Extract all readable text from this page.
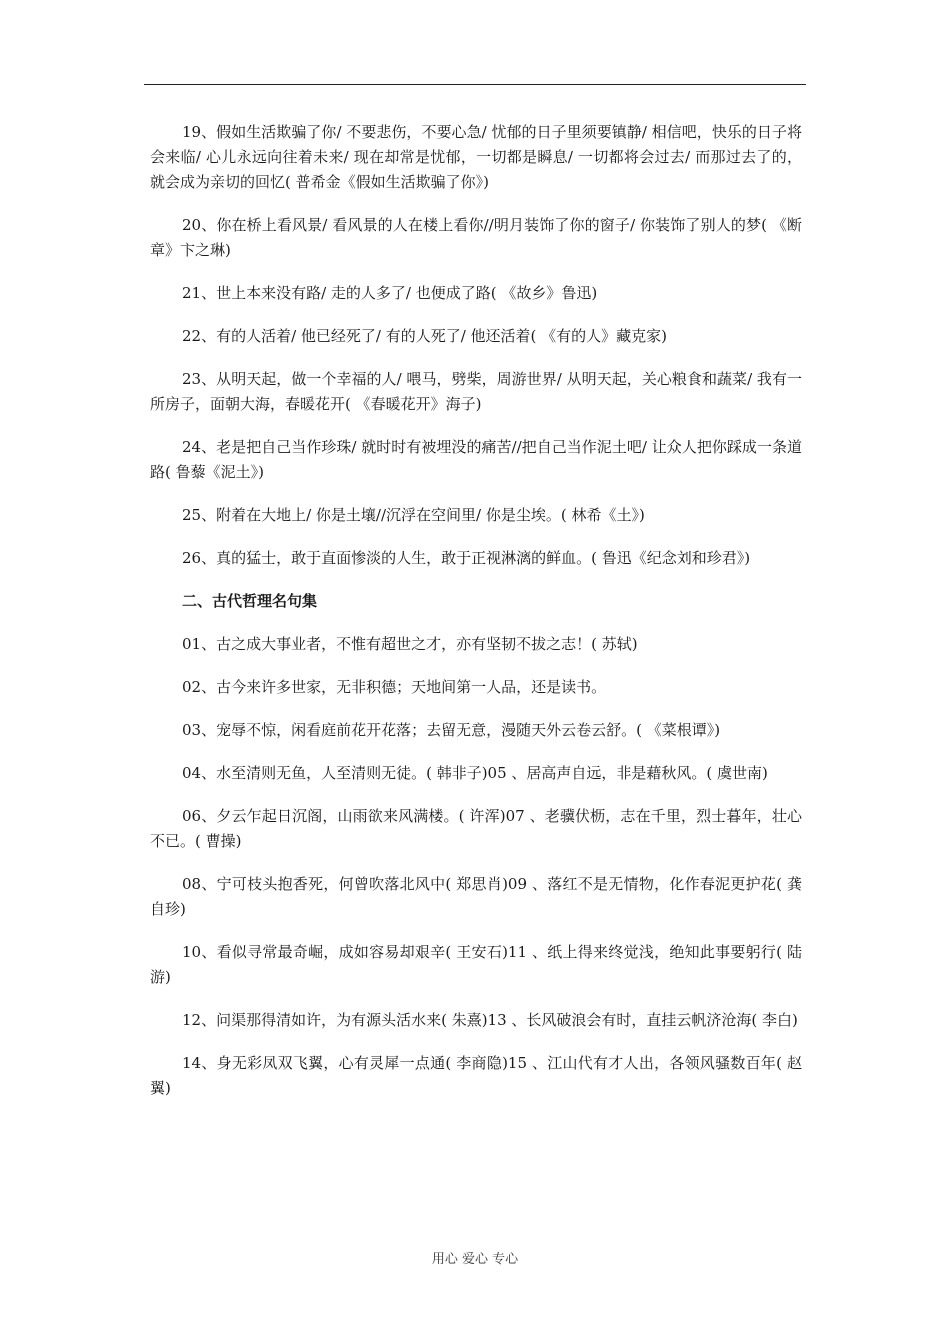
19、假如生活欺骗了你/ 不要悲伤，不要心急/ 忧郁的日子里须要镇静/ 相信吧，快乐的日子将会来临/ 心儿永远向往着未来/ 现在却常是忧郁，一切都是瞬息/ 一切都将会过去/ 而那过去了的，就会成为亲切的回忆( 普希金《假如生活欺骗了你》)

20、你在桥上看风景/ 看风景的人在楼上看你//明月装饰了你的窗子/ 你装饰了别人的梦( 《断章》卞之琳)

21、世上本来没有路/ 走的人多了/ 也便成了路( 《故乡》鲁迅)

22、有的人活着/ 他已经死了/ 有的人死了/ 他还活着( 《有的人》藏克家)

23、从明天起，做一个幸福的人/ 喂马，劈柴，周游世界/ 从明天起，关心粮食和蔬菜/ 我有一所房子，面朝大海，春暖花开( 《春暖花开》海子)

24、老是把自己当作珍珠/ 就时时有被埋没的痛苦//把自己当作泥土吧/ 让众人把你踩成一条道路( 鲁藜《泥土》)

25、附着在大地上/ 你是土壤//沉浮在空间里/ 你是尘埃。( 林希《土》)

26、真的猛士，敢于直面惨淡的人生，敢于正视淋漓的鲜血。( 鲁迅《纪念刘和珍君》)

二、古代哲理名句集

01、古之成大事业者，不惟有超世之才，亦有坚韧不拔之志！( 苏轼)

02、古今来许多世家，无非积德；天地间第一人品，还是读书。

03、宠辱不惊，闲看庭前花开花落；去留无意，漫随天外云卷云舒。( 《菜根谭》)

04、水至清则无鱼，人至清则无徒。( 韩非子)05 、居高声自远，非是藉秋风。( 虞世南)

06、夕云乍起日沉阁，山雨欲来风满楼。( 许浑)07 、老骥伏枥，志在千里，烈士暮年，壮心不已。( 曹操)

08、宁可枝头抱香死，何曾吹落北风中( 郑思肖)09 、落红不是无情物，化作春泥更护花( 龚自珍)

10、看似寻常最奇崛，成如容易却艰辛( 王安石)11 、纸上得来终觉浅，绝知此事要躬行( 陆游)

12、问渠那得清如许，为有源头活水来( 朱熹)13 、长风破浪会有时，直挂云帆济沧海( 李白)

14、身无彩凤双飞翼，心有灵犀一点通( 李商隐)15 、江山代有才人出，各领风骚数百年( 赵翼)

用心 爱心 专心
